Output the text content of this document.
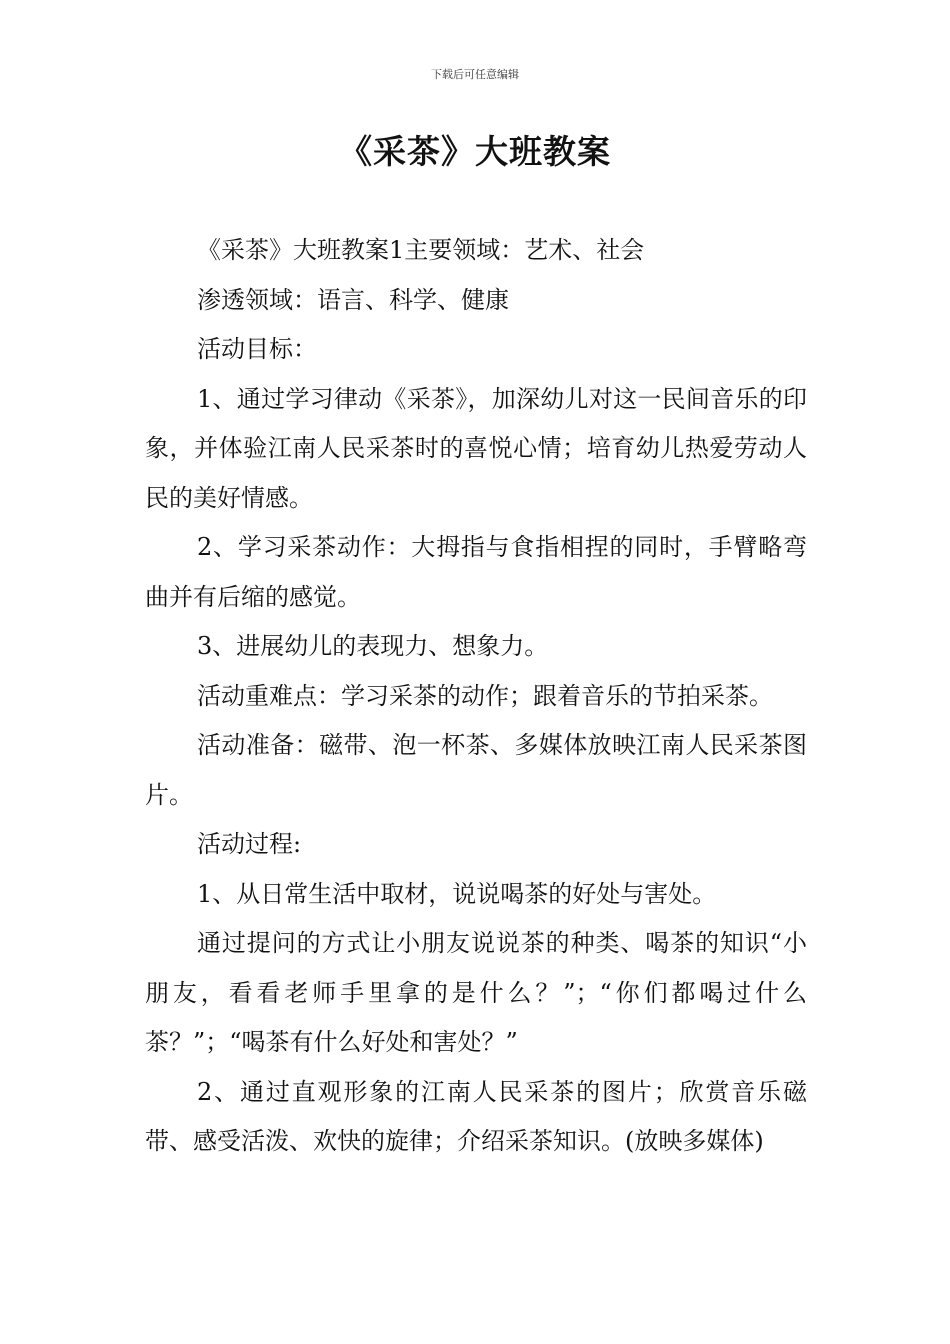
下载后可任意编辑
《采茶》大班教案

《采茶》大班教案1主要领域：艺术、社会

渗透领域：语言、科学、健康

活动目标：

1、通过学习律动《采茶》，加深幼儿对这一民间音乐的印象，并体验江南人民采茶时的喜悦心情；培育幼儿热爱劳动人民的美好情感。

2、学习采茶动作：大拇指与食指相捏的同时，手臂略弯曲并有后缩的感觉。

3、进展幼儿的表现力、想象力。

活动重难点：学习采茶的动作；跟着音乐的节拍采茶。

活动准备：磁带、泡一杯茶、多媒体放映江南人民采茶图片。

活动过程:

1、从日常生活中取材，说说喝茶的好处与害处。

通过提问的方式让小朋友说说茶的种类、喝茶的知识“小朋友，看看老师手里拿的是什么？”；“你们都喝过什么茶？”；“喝茶有什么好处和害处？”

2、通过直观形象的江南人民采茶的图片；欣赏音乐磁带、感受活泼、欢快的旋律；介绍采茶知识。(放映多媒体)
